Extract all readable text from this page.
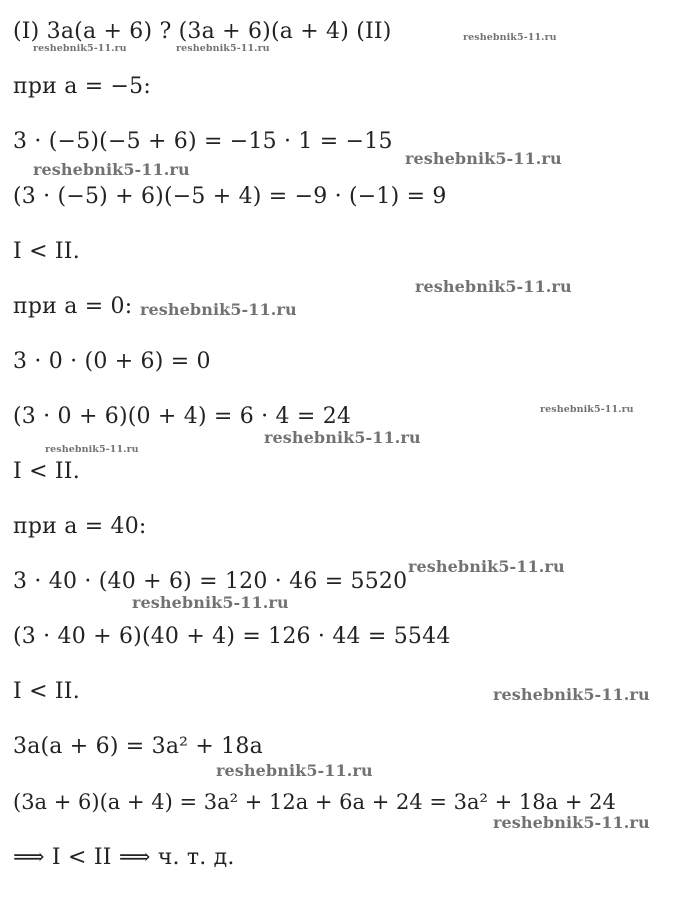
(I) 3a(a + 6) ? (3a + 6)(a + 4) (II)
при a = −5:
3 · (−5)(−5 + 6) = −15 · 1 = −15
(3 · (−5) + 6)(−5 + 4) = −9 · (−1) = 9
I < II.
при a = 0:
3 · 0 · (0 + 6) = 0
(3 · 0 + 6)(0 + 4) = 6 · 4 = 24
I < II.
при a = 40:
3 · 40 · (40 + 6) = 120 · 46 = 5520
(3 · 40 + 6)(40 + 4) = 126 · 44 = 5544
I < II.
3a(a + 6) = 3a² + 18a
(3a + 6)(a + 4) = 3a² + 12a + 6a + 24 = 3a² + 18a + 24
⟹ I < II ⟹ ч. т. д.
reshebnik5-11.ru	reshebnik5-11.ru
reshebnik5-11.ru
reshebnik5-11.ru
reshebnik5-11.ru
reshebnik5-11.ru
reshebnik5-11.ru
reshebnik5-11.ru
reshebnik5-11.ru
reshebnik5-11.ru
reshebnik5-11.ru
reshebnik5-11.ru
reshebnik5-11.ru
reshebnik5-11.ru
reshebnik5-11.ru
